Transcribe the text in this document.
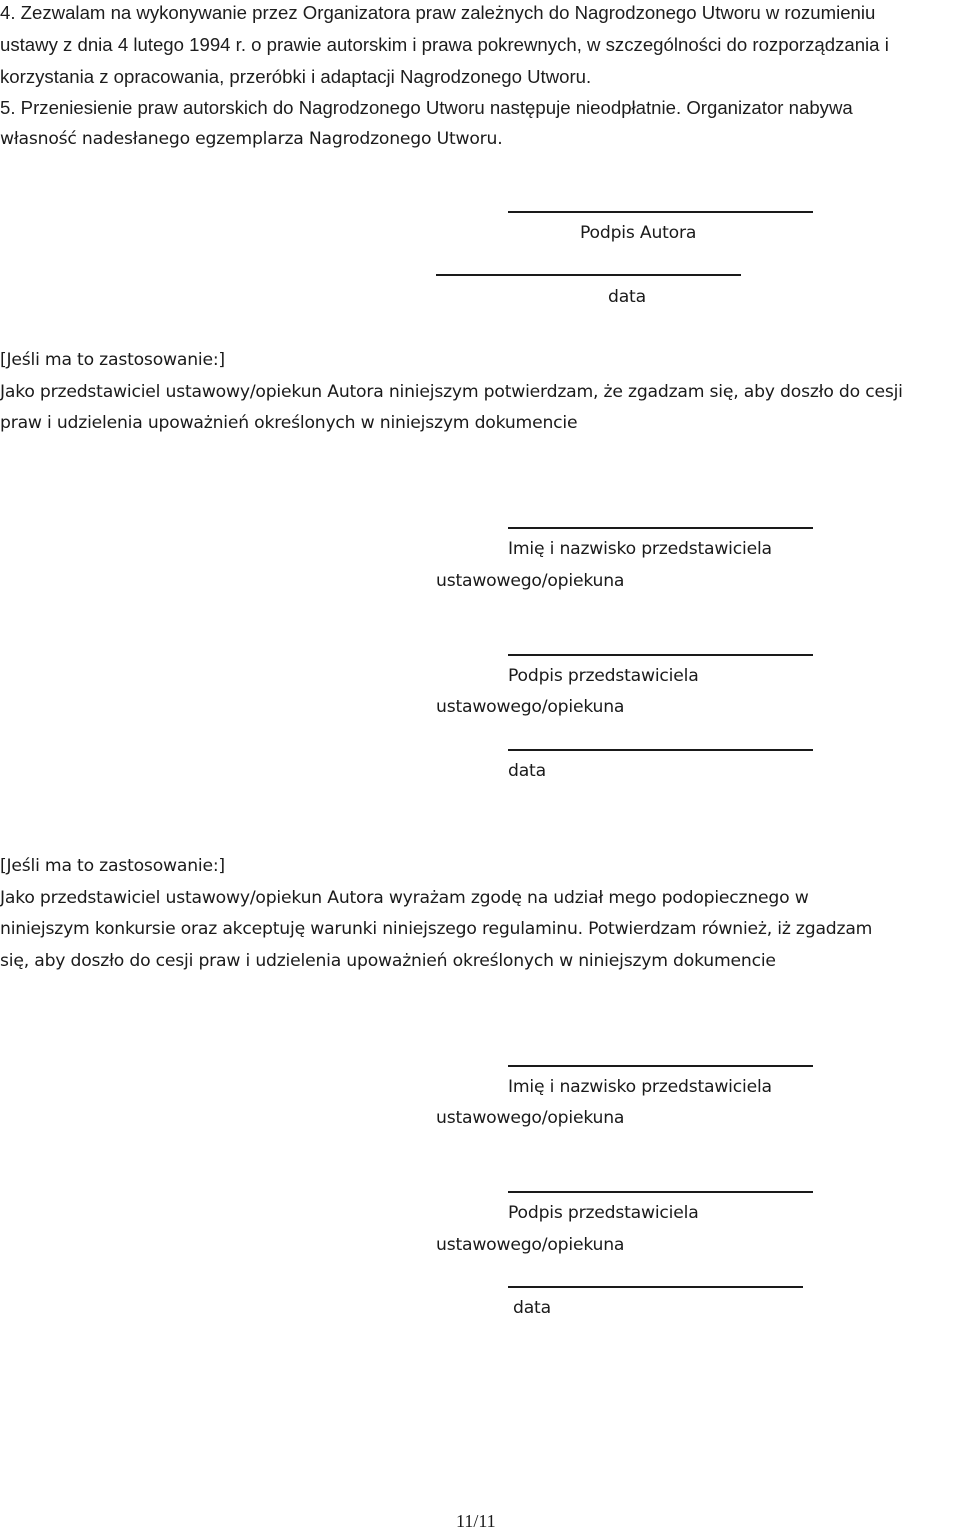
4. Zezwalam na wykonywanie przez Organizatora praw zależnych do Nagrodzonego Utworu w rozumieniu
ustawy z dnia 4 lutego 1994 r. o prawie autorskim i prawa pokrewnych, w szczególności do rozporządzania i
korzystania z opracowania, przeróbki i adaptacji Nagrodzonego Utworu.
5. Przeniesienie praw autorskich do Nagrodzonego Utworu następuje nieodpłatnie. Organizator nabywa
własność nadesłanego egzemplarza Nagrodzonego Utworu.
Podpis Autora
data
[Jeśli ma to zastosowanie:]
Jako przedstawiciel ustawowy/opiekun Autora niniejszym potwierdzam, że zgadzam się, aby doszło do cesji
praw i udzielenia upoważnień określonych w niniejszym dokumencie
Imię i nazwisko przedstawiciela
ustawowego/opiekuna
Podpis przedstawiciela
ustawowego/opiekuna
data
[Jeśli ma to zastosowanie:]
Jako przedstawiciel ustawowy/opiekun Autora wyrażam zgodę na udział mego podopiecznego w
niniejszym konkursie oraz akceptuję warunki niniejszego regulaminu. Potwierdzam również, iż zgadzam
się, aby doszło do cesji praw i udzielenia upoważnień określonych w niniejszym dokumencie
Imię i nazwisko przedstawiciela
ustawowego/opiekuna
Podpis przedstawiciela
ustawowego/opiekuna
data
11/11
